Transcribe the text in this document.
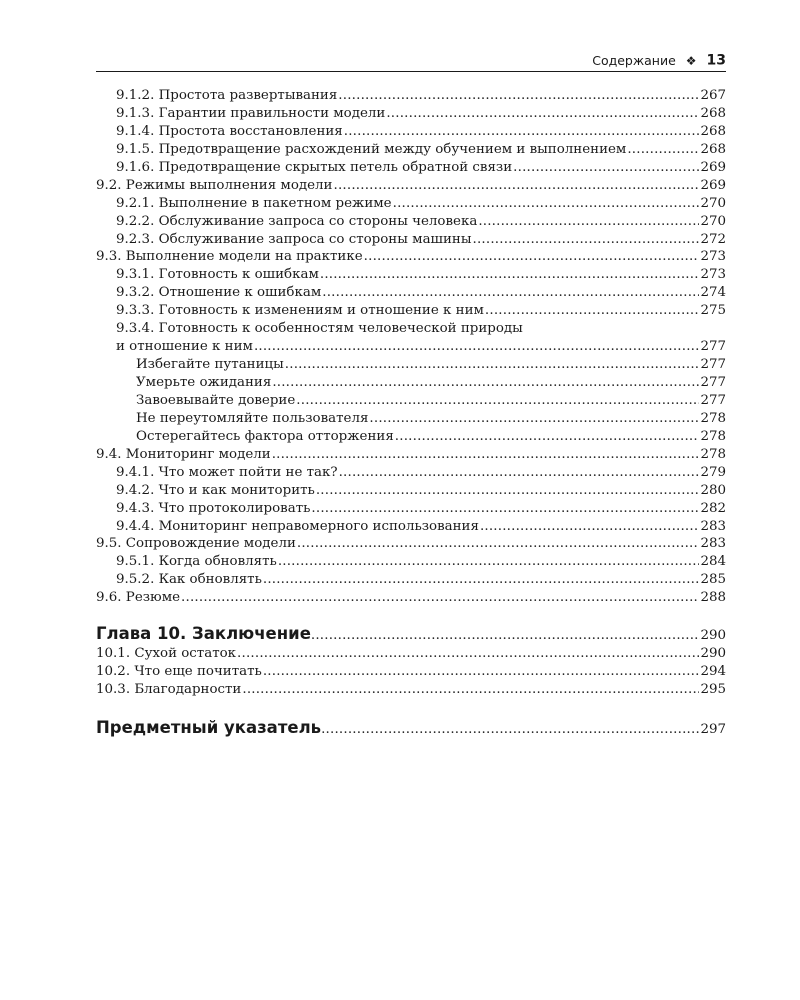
Содержание ❖ 13
9.1.2. Простота развертывания .....	267
9.1.3. Гарантии правильности модели .....	268
9.1.4. Простота восстановления .....	268
9.1.5. Предотвращение расхождений между обучением и выполнением .....	268
9.1.6. Предотвращение скрытых петель обратной связи .....	269
9.2. Режимы выполнения модели .....	269
9.2.1. Выполнение в пакетном режиме .....	270
9.2.2. Обслуживание запроса со стороны человека .....	270
9.2.3. Обслуживание запроса со стороны машины .....	272
9.3. Выполнение модели на практике .....	273
9.3.1. Готовность к ошибкам .....	273
9.3.2. Отношение к ошибкам .....	274
9.3.3. Готовность к изменениям и отношение к ним .....	275
9.3.4. Готовность к особенностям человеческой природы
и отношение к ним .....	277
Избегайте путаницы .....	277
Умерьте ожидания .....	277
Завоевывайте доверие .....	277
Не переутомляйте пользователя .....	278
Остерегайтесь фактора отторжения .....	278
9.4. Мониторинг модели .....	278
9.4.1. Что может пойти не так? .....	279
9.4.2. Что и как мониторить .....	280
9.4.3. Что протоколировать .....	282
9.4.4. Мониторинг неправомерного использования .....	283
9.5. Сопровождение модели .....	283
9.5.1. Когда обновлять .....	284
9.5.2. Как обновлять .....	285
9.6. Резюме .....	288
Глава 10. Заключение .....	290
10.1. Сухой остаток .....	290
10.2. Что еще почитать .....	294
10.3. Благодарности .....	295
Предметный указатель .....	297
